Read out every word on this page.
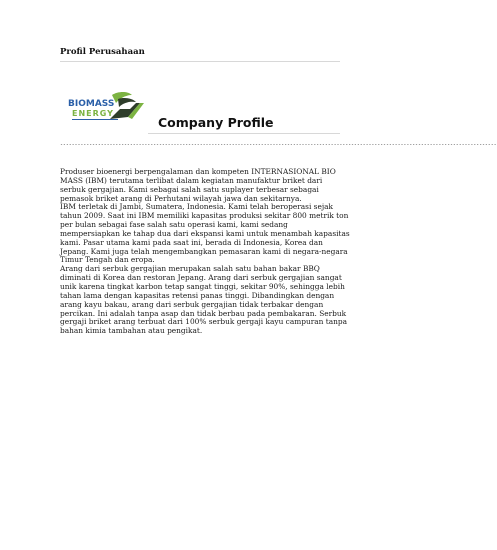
Profil Perusahaan
BIOMASS
ENERGY
Company Profile
------------------------------------------------------------------------------------------------------------------------------------------------------

Produser bioenergi berpengalaman dan kompeten INTERNASIONAL BIO MASS (IBM) terutama terlibat dalam kegiatan manufaktur briket dari serbuk gergajian. Kami sebagai salah satu suplayer terbesar sebagai pemasok briket arang di Perhutani wilayah jawa dan sekitarnya.

IBM terletak di Jambi, Sumatera, Indonesia. Kami telah beroperasi sejak tahun 2009. Saat ini IBM memiliki kapasitas produksi sekitar 800 metrik ton per bulan sebagai fase salah satu operasi kami, kami sedang mempersiapkan ke tahap dua dari ekspansi kami untuk menambah kapasitas kami. Pasar utama kami pada saat ini, berada di Indonesia, Korea dan Jepang. Kami juga telah mengembangkan pemasaran kami di negara-negara Timur Tengah dan eropa.

Arang dari serbuk gergajian merupakan salah satu bahan bakar BBQ diminati di Korea dan restoran Jepang. Arang dari serbuk gergajian sangat unik karena tingkat karbon tetap sangat tinggi, sekitar 90%, sehingga lebih tahan lama dengan kapasitas retensi panas tinggi. Dibandingkan dengan arang kayu bakau, arang dari serbuk gergajian tidak terbakar dengan percikan. Ini adalah tanpa asap dan tidak berbau pada pembakaran. Serbuk gergaji briket arang terbuat dari 100% serbuk gergaji kayu campuran tanpa bahan kimia tambahan atau pengikat.
